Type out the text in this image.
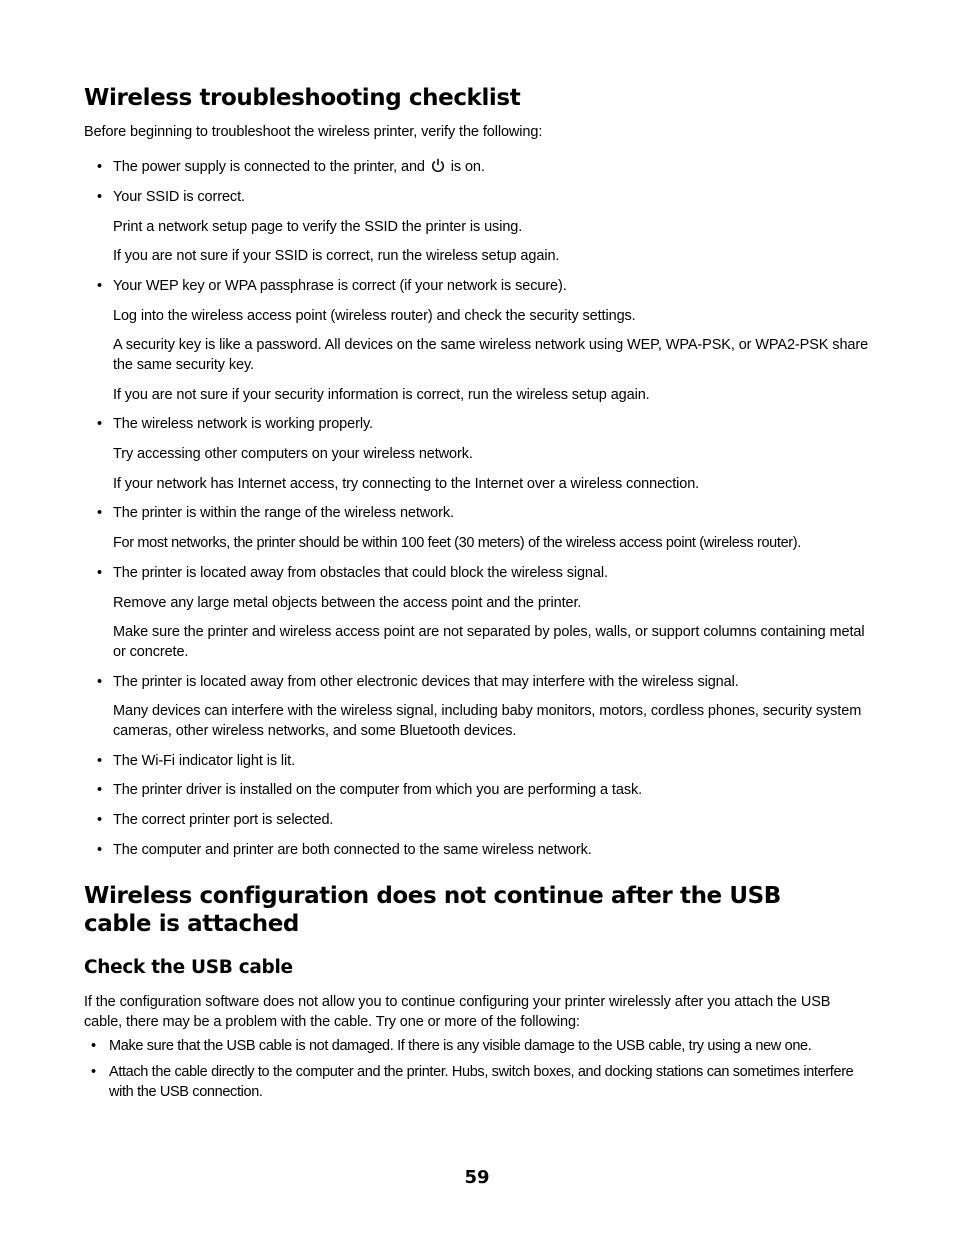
Wireless troubleshooting checklist

Before beginning to troubleshoot the wireless printer, verify the following:

• The power supply is connected to the printer, and is on.
• Your SSID is correct.

Print a network setup page to verify the SSID the printer is using.

If you are not sure if your SSID is correct, run the wireless setup again.

• Your WEP key or WPA passphrase is correct (if your network is secure).

Log into the wireless access point (wireless router) and check the security settings.

A security key is like a password. All devices on the same wireless network using WEP, WPA-PSK, or WPA2-PSK share the same security key.

If you are not sure if your security information is correct, run the wireless setup again.

• The wireless network is working properly.

Try accessing other computers on your wireless network.

If your network has Internet access, try connecting to the Internet over a wireless connection.

• The printer is within the range of the wireless network.

For most networks, the printer should be within 100 feet (30 meters) of the wireless access point (wireless router).

• The printer is located away from obstacles that could block the wireless signal.

Remove any large metal objects between the access point and the printer.

Make sure the printer and wireless access point are not separated by poles, walls, or support columns containing metal or concrete.

• The printer is located away from other electronic devices that may interfere with the wireless signal.

Many devices can interfere with the wireless signal, including baby monitors, motors, cordless phones, security system cameras, other wireless networks, and some Bluetooth devices.

• The Wi-Fi indicator light is lit.
• The printer driver is installed on the computer from which you are performing a task.
• The correct printer port is selected.
• The computer and printer are both connected to the same wireless network.
Wireless configuration does not continue after the USB cable is attached
Check the USB cable

If the configuration software does not allow you to continue configuring your printer wirelessly after you attach the USB cable, there may be a problem with the cable. Try one or more of the following:

• Make sure that the USB cable is not damaged. If there is any visible damage to the USB cable, try using a new one.
• Attach the cable directly to the computer and the printer. Hubs, switch boxes, and docking stations can sometimes interfere with the USB connection.
59
